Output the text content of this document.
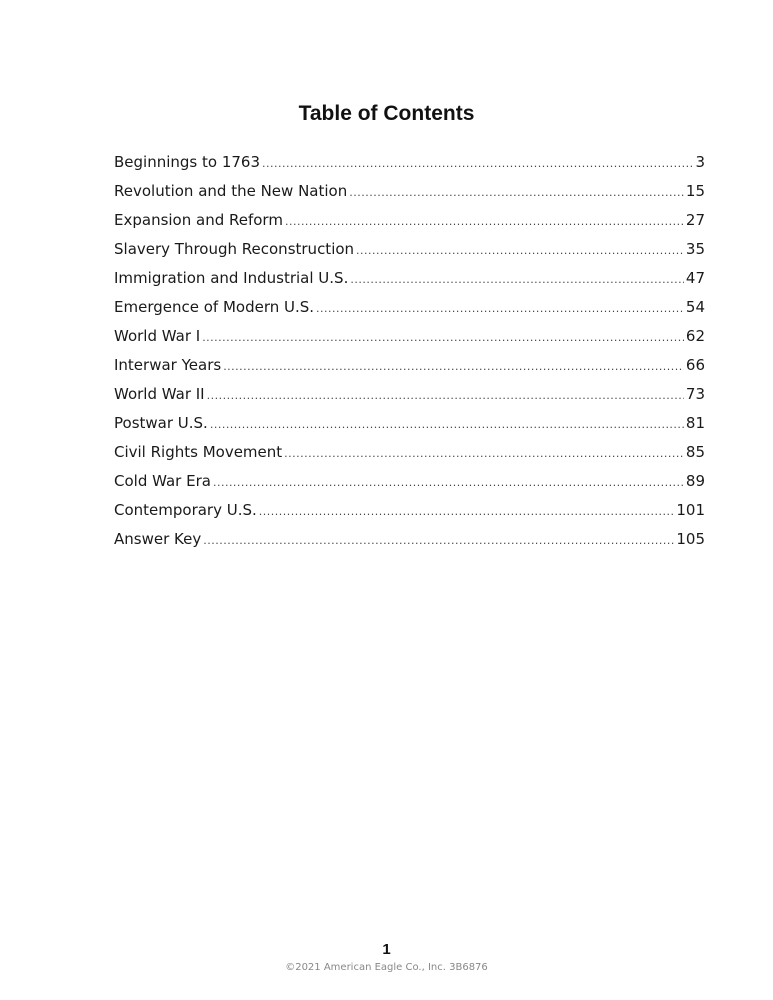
Table of Contents
Beginnings to 1763 .....	3
Revolution and the New Nation .....	15
Expansion and Reform .....	27
Slavery Through Reconstruction .....	35
Immigration and Industrial U.S. .....	47
Emergence of Modern U.S. .....	54
World War I .....	62
Interwar Years .....	66
World War II .....	73
Postwar U.S. .....	81
Civil Rights Movement .....	85
Cold War Era .....	89
Contemporary U.S. .....	101
Answer Key .....	105
1
©2021 American Eagle Co., Inc. 3B6876
